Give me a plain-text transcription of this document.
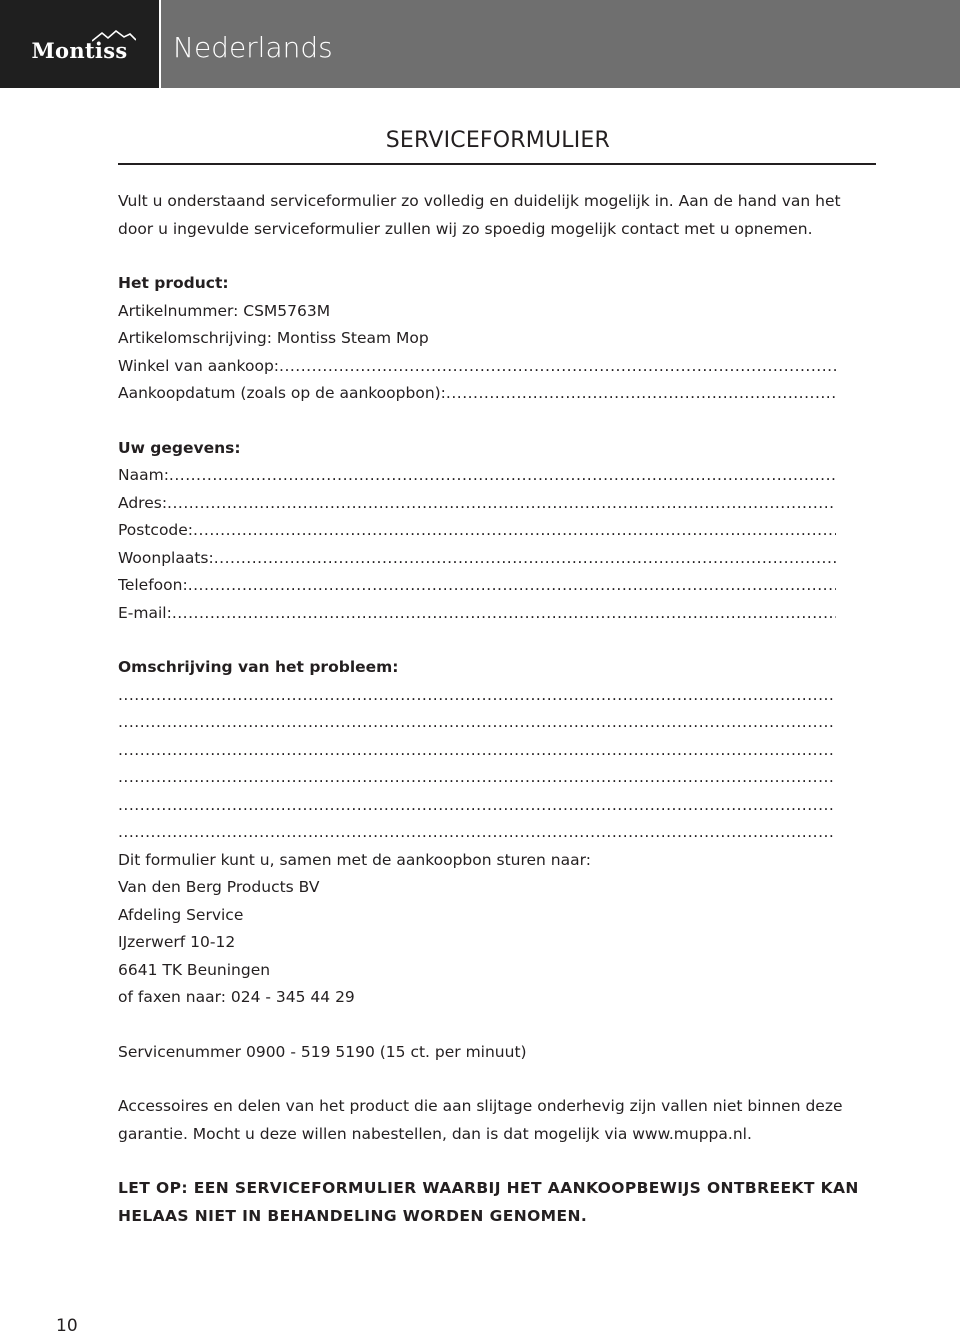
Montiss Nederlands
SERVICEFORMULIER

Vult u onderstaand serviceformulier zo volledig en duidelijk mogelijk in. Aan de hand van het

door u ingevulde serviceformulier zullen wij zo spoedig mogelijk contact met u opnemen.

Het product:

Artikelnummer: CSM5763M

Artikelomschrijving: Montiss Steam Mop

Winkel van aankoop:
.....
Aankoopdatum (zoals op de aankoopbon):
.....

Uw gegevens:

Naam:
.....
Adres:
.....
Postcode:
.....
Woonplaats:
.....
Telefoon:
.....
E-mail:
.....

Omschrijving van het probleem:

.....
.....
.....
.....
.....
.....

Dit formulier kunt u, samen met de aankoopbon sturen naar:

Van den Berg Products BV

Afdeling Service

IJzerwerf 10-12

6641 TK Beuningen

of faxen naar: 024 - 345 44 29

Servicenummer 0900 - 519 5190 (15 ct. per minuut)

Accessoires en delen van het product die aan slijtage onderhevig zijn vallen niet binnen deze

garantie. Mocht u deze willen nabestellen, dan is dat mogelijk via www.muppa.nl.

LET OP: EEN SERVICEFORMULIER WAARBIJ HET AANKOOPBEWIJS ONTBREEKT KAN

HELAAS NIET IN BEHANDELING WORDEN GENOMEN.

10
